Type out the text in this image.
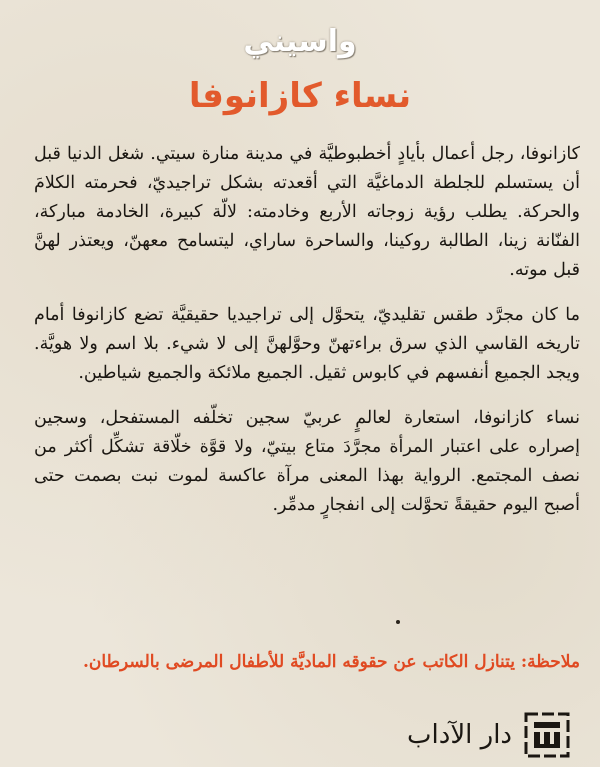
واسيني
نساء كازانوفا

كازانوفا، رجل أعمال بأيادٍ أخطبوطيَّة في مدينة منارة سيتي. شغل الدنيا قبل أن يستسلم للجلطة الدماغيَّة التي أقعدته بشكل تراجيديّ، فحرمته الكلامَ والحركة. يطلب رؤية زوجاته الأربع وخادمته: لالّة كبيرة، الخادمة مباركة، الفنّانة زينا، الطالبة روكينا، والساحرة ساراي، ليتسامح معهنّ، ويعتذر لهنَّ قبل موته.

ما كان مجرَّد طقس تقليديّ، يتحوَّل إلى تراجيديا حقيقيَّة تضع كازانوفا أمام تاريخه القاسي الذي سرق براءتهنّ وحوَّلهنَّ إلى لا شيء. بلا اسم ولا هويَّة. ويجد الجميع أنفسهم في كابوس ثقيل. الجميع ملائكة والجميع شياطين.

نساء كازانوفا، استعارة لعالمٍ عربيّ سجين تخلّفه المستفحل، وسجين إصراره على اعتبار المرأة مجرَّدَ متاع بيتيّ، ولا قوَّة خلّاقة تشكِّل أكثر من نصف المجتمع. الرواية بهذا المعنى مرآة عاكسة لموت نبت بصمت حتى أصبح اليوم حقيقةً تحوَّلت إلى انفجارٍ مدمِّر.

ملاحظة: يتنازل الكاتب عن حقوقه الماديَّة للأطفال المرضى بالسرطان.
دار الآداب
